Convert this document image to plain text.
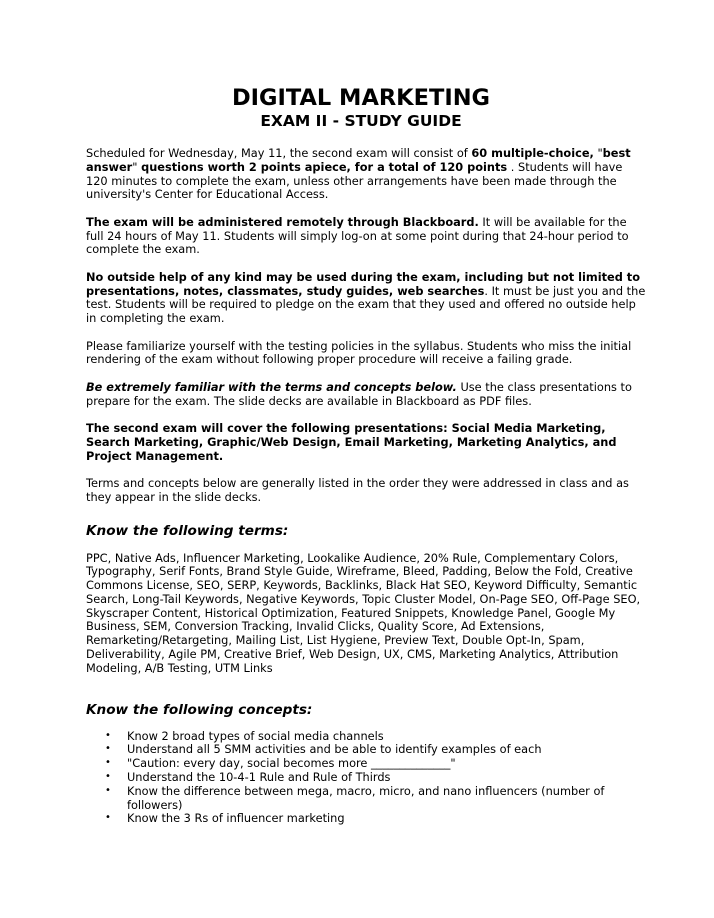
DIGITAL MARKETING
EXAM II - STUDY GUIDE

Scheduled for Wednesday, May 11, the second exam will consist of 60 multiple-choice, "best answer" questions worth 2 points apiece, for a total of 120 points . Students will have 120 minutes to complete the exam, unless other arrangements have been made through the university's Center for Educational Access.

The exam will be administered remotely through Blackboard. It will be available for the full 24 hours of May 11. Students will simply log-on at some point during that 24-hour period to complete the exam.

No outside help of any kind may be used during the exam, including but not limited to presentations, notes, classmates, study guides, web searches. It must be just you and the test. Students will be required to pledge on the exam that they used and offered no outside help in completing the exam.

Please familiarize yourself with the testing policies in the syllabus. Students who miss the initial rendering of the exam without following proper procedure will receive a failing grade.

Be extremely familiar with the terms and concepts below. Use the class presentations to prepare for the exam. The slide decks are available in Blackboard as PDF files.

The second exam will cover the following presentations: Social Media Marketing, Search Marketing, Graphic/Web Design, Email Marketing, Marketing Analytics, and Project Management.

Terms and concepts below are generally listed in the order they were addressed in class and as they appear in the slide decks.

Know the following terms:

PPC, Native Ads, Influencer Marketing, Lookalike Audience, 20% Rule, Complementary Colors, Typography, Serif Fonts, Brand Style Guide, Wireframe, Bleed, Padding, Below the Fold, Creative Commons License, SEO, SERP, Keywords, Backlinks, Black Hat SEO, Keyword Difficulty, Semantic Search, Long-Tail Keywords, Negative Keywords, Topic Cluster Model, On-Page SEO, Off-Page SEO, Skyscraper Content, Historical Optimization, Featured Snippets, Knowledge Panel, Google My Business, SEM, Conversion Tracking, Invalid Clicks, Quality Score, Ad Extensions, Remarketing/Retargeting, Mailing List, List Hygiene, Preview Text, Double Opt-In, Spam, Deliverability, Agile PM, Creative Brief, Web Design, UX, CMS, Marketing Analytics, Attribution Modeling, A/B Testing, UTM Links

Know the following concepts:
• Know 2 broad types of social media channels
• Understand all 5 SMM activities and be able to identify examples of each
• "Caution: every day, social becomes more ______________"
• Understand the 10-4-1 Rule and Rule of Thirds
• Know the difference between mega, macro, micro, and nano influencers (number of followers)
• Know the 3 Rs of influencer marketing
